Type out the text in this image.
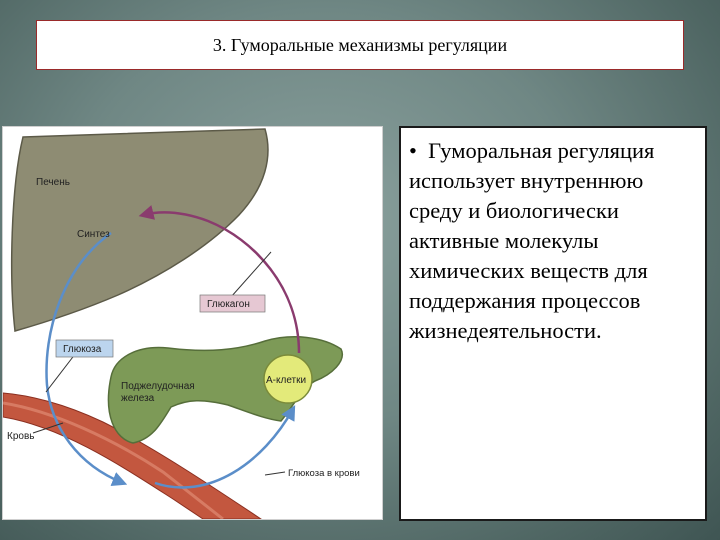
3. Гуморальные механизмы регуляции
Печень
Синтез
Глюкагон
Глюкоза
Поджелудочная
железа
А-клетки
Кровь
Глюкоза в крови
• Гуморальная регуляция использует внутреннюю среду и биологически активные молекулы химических веществ для поддержания процессов жизнедеятельности.
